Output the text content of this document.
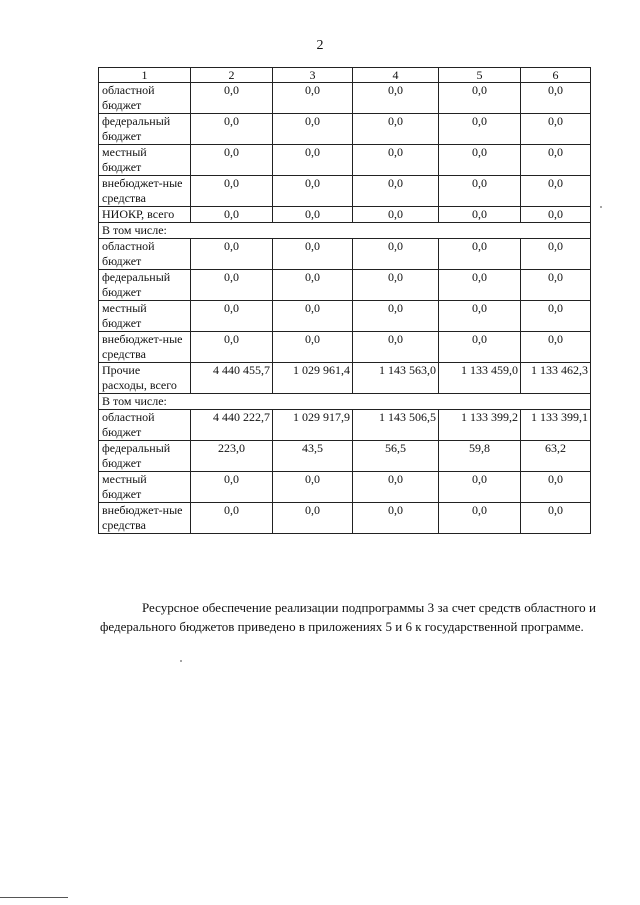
2
1	2	3	4	5	6
областной бюджет	0,0	0,0	0,0	0,0	0,0
федеральный бюджет	0,0	0,0	0,0	0,0	0,0
местный бюджет	0,0	0,0	0,0	0,0	0,0
внебюджет-ные средства	0,0	0,0	0,0	0,0	0,0
НИОКР, всего	0,0	0,0	0,0	0,0	0,0
В том числе:					
областной бюджет	0,0	0,0	0,0	0,0	0,0
федеральный бюджет	0,0	0,0	0,0	0,0	0,0
местный бюджет	0,0	0,0	0,0	0,0	0,0
внебюджет-ные средства	0,0	0,0	0,0	0,0	0,0
Прочие расходы, всего	4 440 455,7	1 029 961,4	1 143 563,0	1 133 459,0	1 133 462,3
В том числе:					
областной бюджет	4 440 222,7	1 029 917,9	1 143 506,5	1 133 399,2	1 133 399,1
федеральный бюджет	223,0	43,5	56,5	59,8	63,2
местный бюджет	0,0	0,0	0,0	0,0	0,0
внебюджет-ные средства	0,0	0,0	0,0	0,0	0,0
Ресурсное обеспечение реализации подпрограммы 3 за счет средств областного и федерального бюджетов приведено в приложениях 5 и 6 к государственной программе.
